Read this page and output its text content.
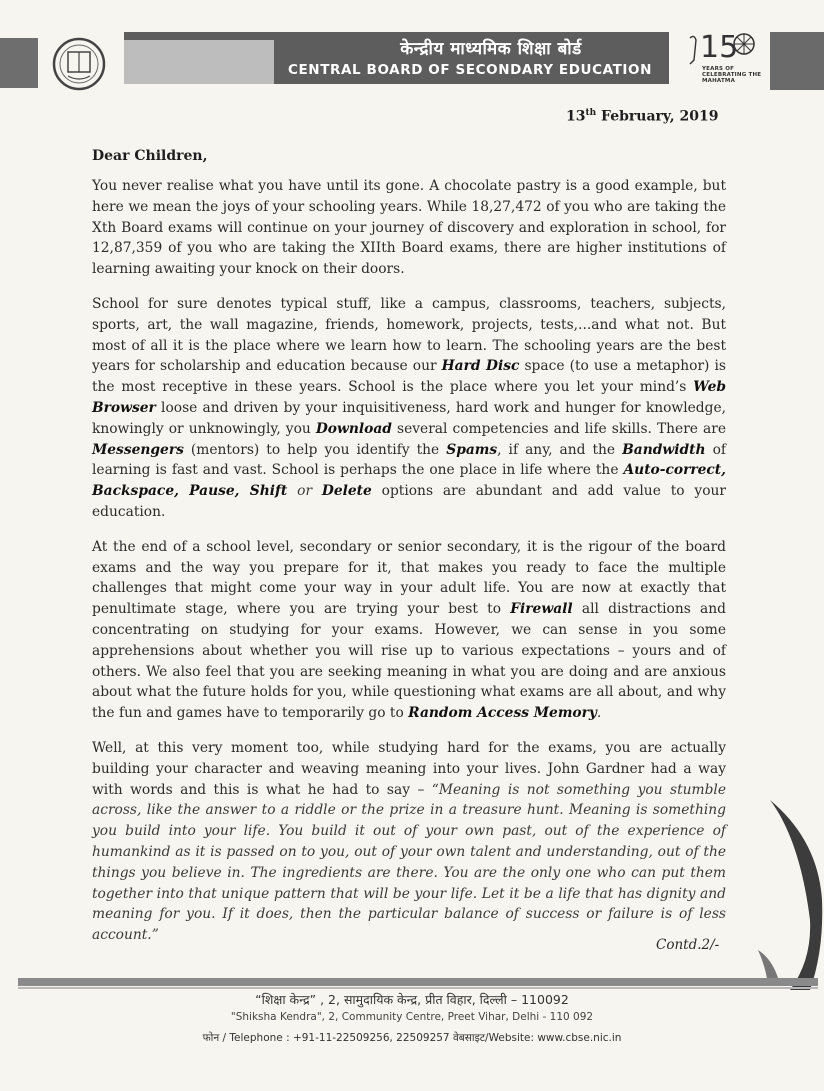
केन्द्रीय माध्यमिक शिक्षा बोर्ड
CENTRAL BOARD OF SECONDARY EDUCATION
15
YEARS OF CELEBRATING THE MAHATMA
13th February, 2019
Dear Children,

You never realise what you have until its gone. A chocolate pastry is a good example, but here we mean the joys of your schooling years. While 18,27,472 of you who are taking the Xth Board exams will continue on your journey of discovery and exploration in school, for 12,87,359 of you who are taking the XIIth Board exams, there are higher institutions of learning awaiting your knock on their doors.

School for sure denotes typical stuff, like a campus, classrooms, teachers, subjects, sports, art, the wall magazine, friends, homework, projects, tests,...and what not. But most of all it is the place where we learn how to learn. The schooling years are the best years for scholarship and education because our Hard Disc space (to use a metaphor) is the most receptive in these years. School is the place where you let your mind’s Web Browser loose and driven by your inquisitiveness, hard work and hunger for knowledge, knowingly or unknowingly, you Download several competencies and life skills. There are Messengers (mentors) to help you identify the Spams, if any, and the Bandwidth of learning is fast and vast. School is perhaps the one place in life where the Auto-correct, Backspace, Pause, Shift or Delete options are abundant and add value to your education.

At the end of a school level, secondary or senior secondary, it is the rigour of the board exams and the way you prepare for it, that makes you ready to face the multiple challenges that might come your way in your adult life. You are now at exactly that penultimate stage, where you are trying your best to Firewall all distractions and concentrating on studying for your exams. However, we can sense in you some apprehensions about whether you will rise up to various expectations – yours and of others. We also feel that you are seeking meaning in what you are doing and are anxious about what the future holds for you, while questioning what exams are all about, and why the fun and games have to temporarily go to Random Access Memory.

Well, at this very moment too, while studying hard for the exams, you are actually building your character and weaving meaning into your lives. John Gardner had a way with words and this is what he had to say – “Meaning is not something you stumble across, like the answer to a riddle or the prize in a treasure hunt. Meaning is something you build into your life. You build it out of your own past, out of the experience of humankind as it is passed on to you, out of your own talent and understanding, out of the things you believe in. The ingredients are there. You are the only one who can put them together into that unique pattern that will be your life. Let it be a life that has dignity and meaning for you. If it does, then the particular balance of success or failure is of less account.”

Contd.2/-
“शिक्षा केन्द्र” , 2, सामुदायिक केन्द्र, प्रीत विहार, दिल्ली – 110092
"Shiksha Kendra", 2, Community Centre, Preet Vihar, Delhi - 110 092
फोन / Telephone : +91-11-22509256, 22509257 वेबसाइट/Website: www.cbse.nic.in
